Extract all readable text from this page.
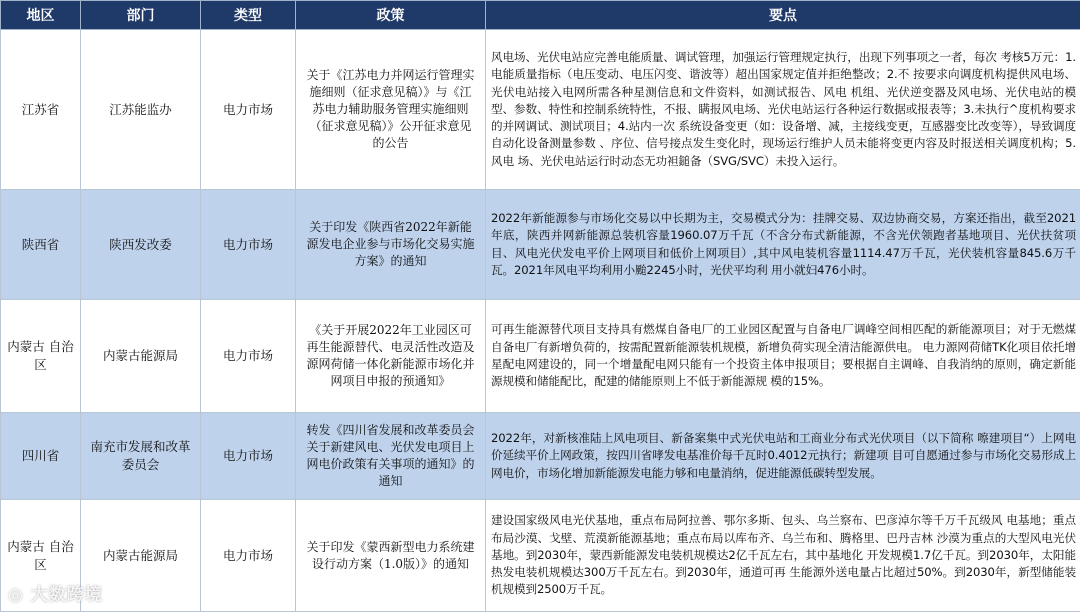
地区	部门	类型	政策	要点
江苏省	江苏能监办	电力市场	关于《江苏电力并网运行管理实施细则（征求意见稿）》与《江苏电力辅助服务管理实施细则（征求意见稿）》公开征求意见的公告	风电场、光伏电站应完善电能质量、调试管理，加强运行管理规定执行，出现下列事项之一者，每次 考核5万元：1.电能质量指标（电压变动、电压闪变、谐波等）超出国家规定值并拒绝整改；2.不 按要求向调度机构提供风电场、光伏电站接入电网所需各种星测信息和文件资料，如测试报告、风电 机组、光伏逆变器及风电场、光伏电站的模型、参数、特性和控制系统特性，不报、瞒报风电场、光伏电站运行各种运行数据或报表等；3.未执行^度机构要求的并网调试、测试项目；4.站内一次 系统设备变更（如：设备增、减，主接线变更，互感器变比改变等），导致调度自动化设备测量参数 、序位、信号接点发生变化时，现场运行维护人员未能将变更内容及时报送相关调度机构；5.风电 场、光伏电站运行时动态无功袒鎚备（SVG/SVC）未投入运行。
陕西省	陕西发改委	电力市场	关于印发《陕西省2022年新能源发电企业参与市场化交易实施方案》的通知	2022年新能源参与市场化交易以中长期为主，交易模式分为：挂牌交易、双边协商交易，方案还指出，截至2021年底，陕西并网新能源总装机容量1960.07万千瓦（不含分布式新能源，不含光伏领跑者基地项目、光伏扶贫项目、风电光伏发电平价上网项目和低价上网项目）,其中风电装机容量1114.47万千瓦，光伏装机容量845.6万千瓦。2021年风电平均利用小颱2245小时，光伏平均利 用小就妇476小时。
内蒙古 自治区	内蒙古能源局	电力市场	《关于开展2022年工业园区可再生能源替代、电灵活性改造及源网荷储一体化新能源市场化并网项目申报的预通知》	可再生能源替代项目支持具有燃煤自备电厂的工业园区配置与自备电厂调峰空间相匹配的新能源项目；对于无燃煤自备电厂有新增负荷的，按需配置新能源装机规模，新增负荷实现全清洁能源供电。 电力源网荷储TK化项目依托增星配电网建设的，同一个增量配电网只能有一个投资主体申报项目；要根据自主调峰、自我消纳的原则，确定新能源规模和储能配比，配建的储能原则上不低于新能源规 模的15%。
四川省	南充市发展和改革委员会	电力市场	转发《四川省发展和改革委员会关于新建风电、光伏发电项目上网电价政策有关事项的通知》的通知	2022年，对新核准陆上风电项目、新备案集中式光伏电站和工商业分布式光伏项目（以下简称 嚓建项目“）上网电价延续平价上网政策，按四川省哮发电基准价每千瓦时0.4012元执行；新建项 目可自愿通过参与市场化交易形成上网电价，市场化增加新能源发电能力够和电量消纳，促进能源低碳转型发展。
内蒙古 自治区	内蒙古能源局	电力市场	关于印发《蒙西新型电力系统建设行动方案（1.0版）》的通知	建设国家级风电光伏基地，重点布局阿拉善、鄂尔多斯、包头、乌兰察布、巴彦淖尔等千万千瓦级风 电基地；重点布局沙漠、戈壁、荒漠新能源基地；重点布局以库布齐、乌兰布和、腾格里、巴丹吉林 沙漠为重点的大型风电光伏基地。到2030年，蒙西新能源发电装机规模达2亿千瓦左右，其中基地化 开发规模1.7亿千瓦。到2030年，太阳能热发电装机规模达300万千瓦左右。到2030年，通道可再 生能源外送电量占比超过50%。到2030年，新型储能装机规模到2500万千瓦。
◎ 大数跨境
